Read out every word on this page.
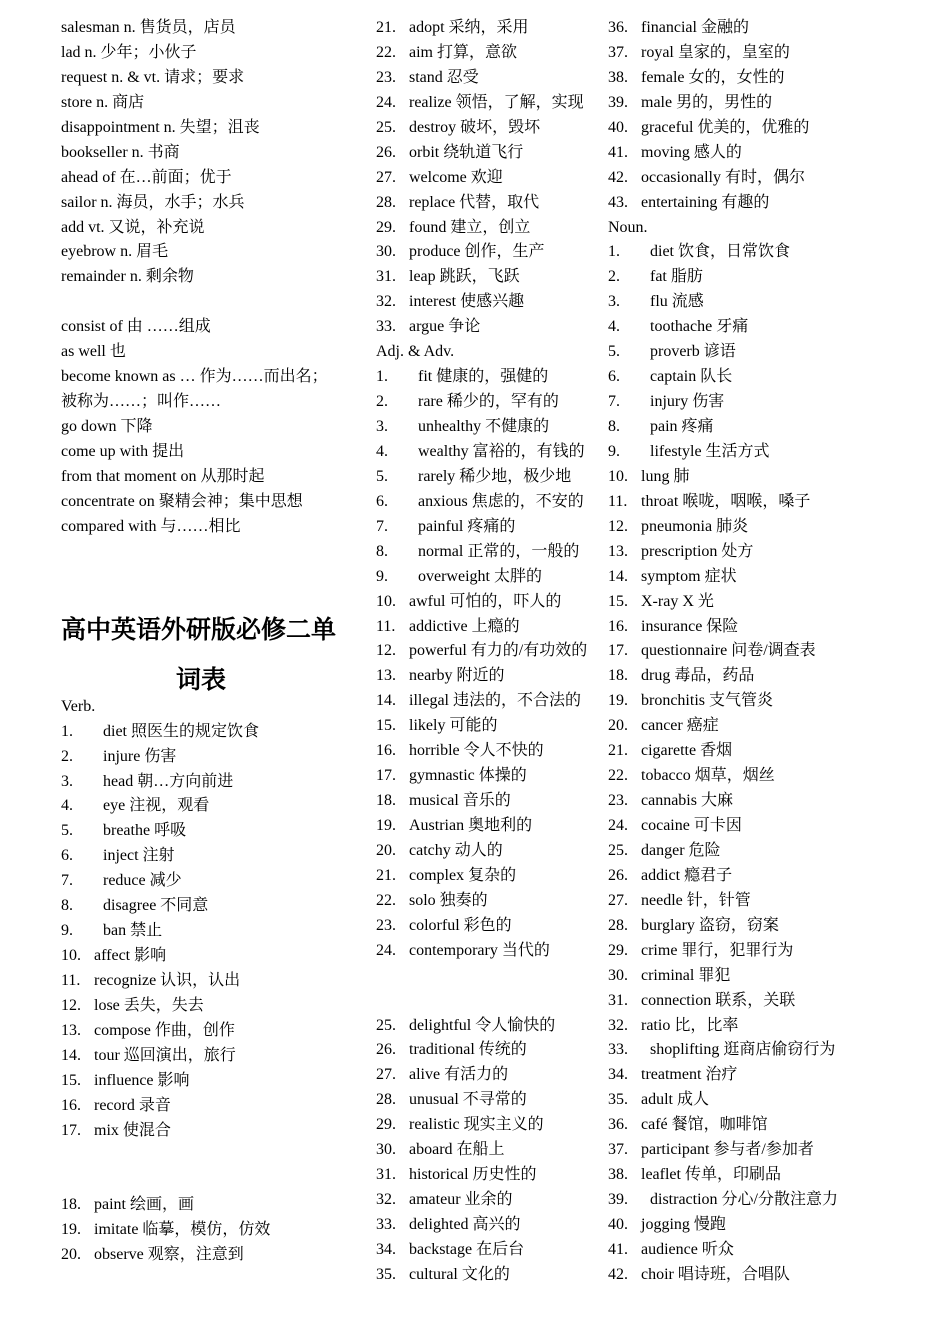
salesman n. 售货员，店员
lad n. 少年；小伙子
request n. & vt. 请求；要求
store n. 商店
disappointment n. 失望；沮丧
bookseller n. 书商
ahead of 在…前面；优于
sailor n. 海员，水手；水兵
add vt. 又说，补充说
eyebrow n. 眉毛
remainder n. 剩余物
consist of 由 ……组成
as well 也
become known as … 作为……而出名；
被称为……；叫作……
go down 下降
come up with 提出
from that moment on 从那时起
concentrate on 聚精会神；集中思想
compared with 与……相比
高中英语外研版必修二单
词表
Verb.
1. diet 照医生的规定饮食
2. injure 伤害
3. head 朝…方向前进
4. eye 注视，观看
5. breathe 呼吸
6. inject 注射
7. reduce 减少
8. disagree 不同意
9. ban 禁止
10. affect 影响
11. recognize 认识，认出
12. lose 丢失，失去
13. compose 作曲，创作
14. tour 巡回演出，旅行
15. influence 影响
16. record 录音
17. mix 使混合
18. paint 绘画，画
19. imitate 临摹，模仿，仿效
20. observe 观察，注意到
21. adopt 采纳，采用
22. aim 打算，意欲
23. stand 忍受
24. realize 领悟，了解，实现
25. destroy 破坏，毁坏
26. orbit 绕轨道飞行
27. welcome 欢迎
28. replace 代替，取代
29. found 建立，创立
30. produce 创作，生产
31. leap 跳跃，飞跃
32. interest 使感兴趣
33. argue 争论
Adj. & Adv.
1. fit 健康的，强健的
2. rare 稀少的，罕有的
3. unhealthy 不健康的
4. wealthy 富裕的，有钱的
5. rarely 稀少地，极少地
6. anxious 焦虑的，不安的
7. painful 疼痛的
8. normal 正常的，一般的
9. overweight 太胖的
10. awful 可怕的，吓人的
11. addictive 上瘾的
12. powerful 有力的/有功效的
13. nearby 附近的
14. illegal 违法的，不合法的
15. likely 可能的
16. horrible 令人不快的
17. gymnastic 体操的
18. musical 音乐的
19. Austrian 奥地利的
20. catchy 动人的
21. complex 复杂的
22. solo 独奏的
23. colorful 彩色的
24. contemporary 当代的
25. delightful 令人愉快的
26. traditional 传统的
27. alive 有活力的
28. unusual 不寻常的
29. realistic 现实主义的
30. aboard 在船上
31. historical 历史性的
32. amateur 业余的
33. delighted 高兴的
34. backstage 在后台
35. cultural 文化的
36. financial 金融的
37. royal 皇家的，皇室的
38. female 女的，女性的
39. male 男的，男性的
40. graceful 优美的，优雅的
41. moving 感人的
42. occasionally 有时，偶尔
43. entertaining 有趣的
Noun.
1. diet 饮食，日常饮食
2. fat 脂肪
3. flu 流感
4. toothache 牙痛
5. proverb 谚语
6. captain 队长
7. injury 伤害
8. pain 疼痛
9. lifestyle 生活方式
10. lung 肺
11. throat 喉咙，咽喉，嗓子
12. pneumonia 肺炎
13. prescription 处方
14. symptom 症状
15. X-ray X 光
16. insurance 保险
17. questionnaire 问卷/调查表
18. drug 毒品，药品
19. bronchitis 支气管炎
20. cancer 癌症
21. cigarette 香烟
22. tobacco 烟草，烟丝
23. cannabis 大麻
24. cocaine 可卡因
25. danger 危险
26. addict 瘾君子
27. needle 针，针管
28. burglary 盗窃，窃案
29. crime 罪行，犯罪行为
30. criminal 罪犯
31. connection 联系，关联
32. ratio 比，比率
33. shoplifting 逛商店偷窃行为
34. treatment 治疗
35. adult 成人
36. café 餐馆，咖啡馆
37. participant 参与者/参加者
38. leaflet 传单，印刷品
39. distraction 分心/分散注意力
40. jogging 慢跑
41. audience 听众
42. choir 唱诗班，合唱队
